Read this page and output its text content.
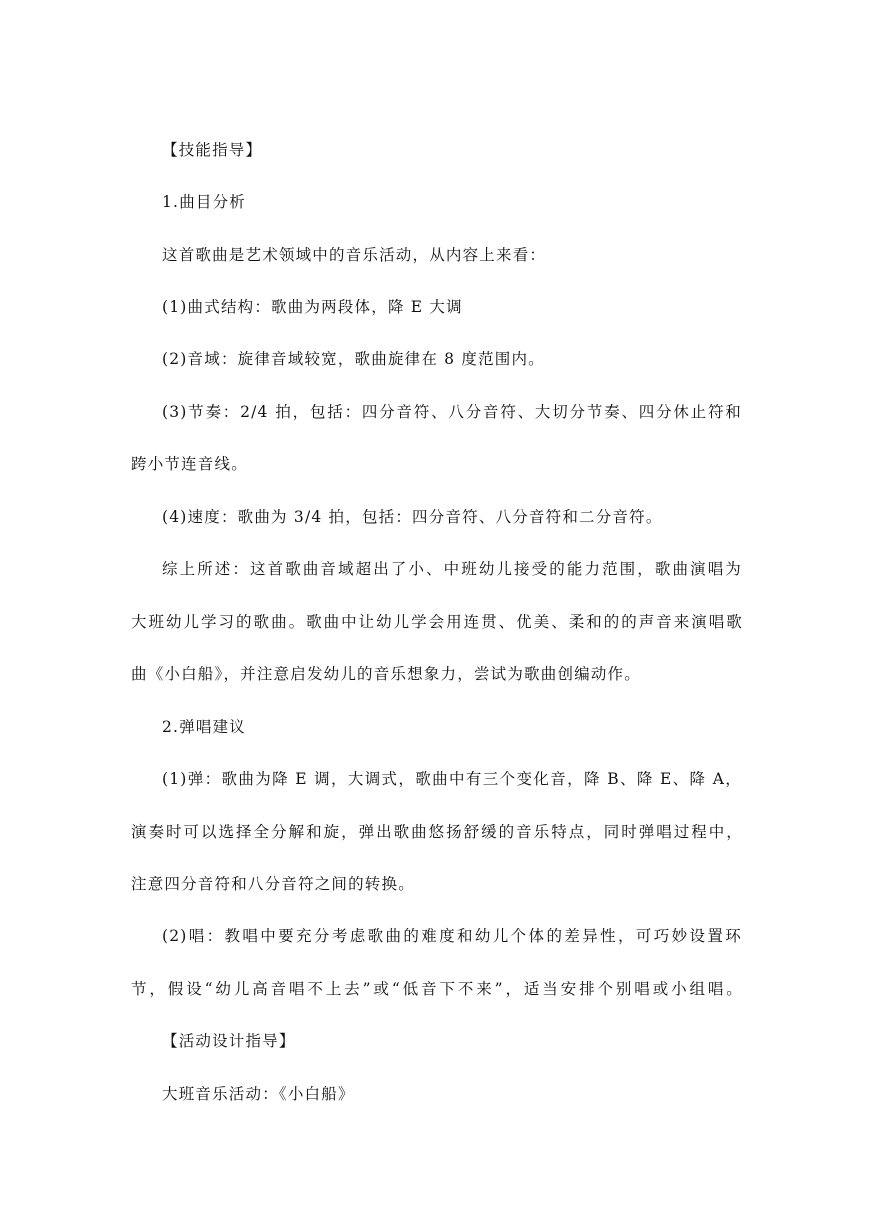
【技能指导】
1.曲目分析
这首歌曲是艺术领域中的音乐活动，从内容上来看：
(1)曲式结构：歌曲为两段体，降 E 大调
(2)音域：旋律音域较宽，歌曲旋律在 8 度范围内。
(3)节奏：2/4 拍，包括：四分音符、八分音符、大切分节奏、四分休止符和
跨小节连音线。
(4)速度：歌曲为 3/4 拍，包括：四分音符、八分音符和二分音符。
综上所述：这首歌曲音域超出了小、中班幼儿接受的能力范围，歌曲演唱为
大班幼儿学习的歌曲。歌曲中让幼儿学会用连贯、优美、柔和的的声音来演唱歌
曲《小白船》，并注意启发幼儿的音乐想象力，尝试为歌曲创编动作。
2.弹唱建议
(1)弹：歌曲为降 E 调，大调式，歌曲中有三个变化音，降 B、降 E、降 A，
演奏时可以选择全分解和旋，弹出歌曲悠扬舒缓的音乐特点，同时弹唱过程中，
注意四分音符和八分音符之间的转换。
(2)唱：教唱中要充分考虑歌曲的难度和幼儿个体的差异性，可巧妙设置环
节，假设“幼儿高音唱不上去”或“低音下不来”，适当安排个别唱或小组唱。
【活动设计指导】
大班音乐活动：《小白船》
